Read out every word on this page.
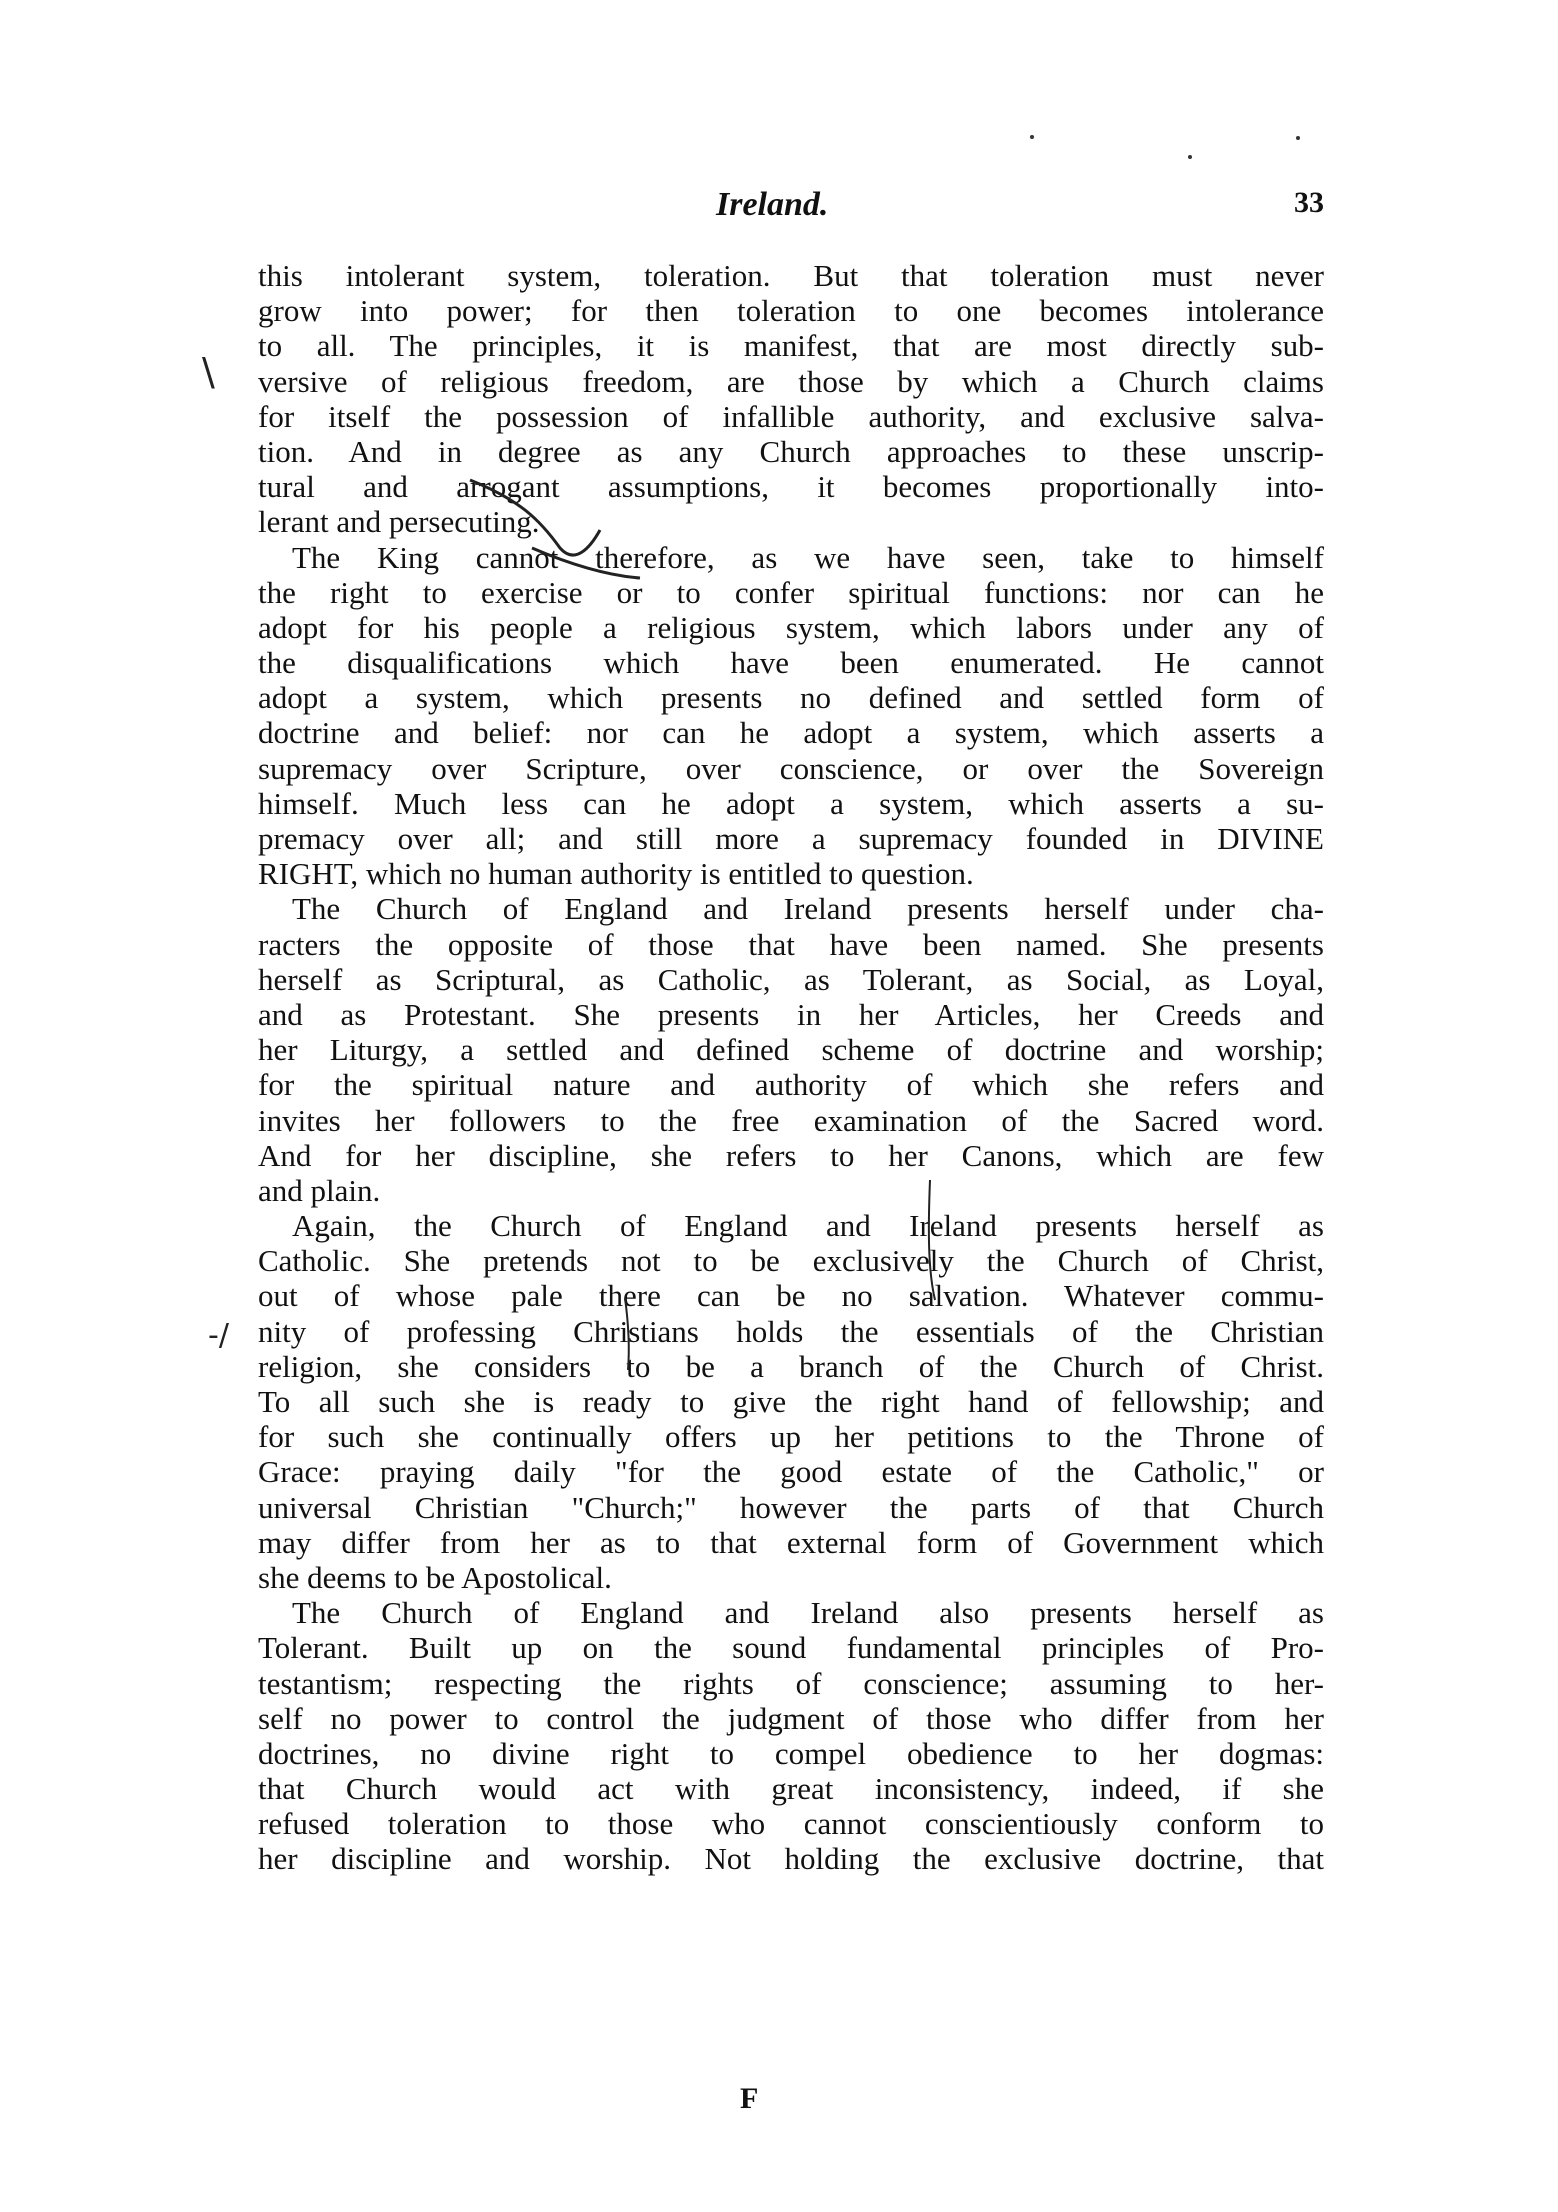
Ireland.	33
\
-/
this intolerant system, toleration. But that toleration must never
grow into power; for then toleration to one becomes intolerance
to all. The principles, it is manifest, that are most directly sub-
versive of religious freedom, are those by which a Church claims
for itself the possession of infallible authority, and exclusive salva-
tion. And in degree as any Church approaches to these unscrip-
tural and arrogant assumptions, it becomes proportionally into-
lerant and persecuting.
The King cannot therefore, as we have seen, take to himself
the right to exercise or to confer spiritual functions: nor can he
adopt for his people a religious system, which labors under any of
the disqualifications which have been enumerated. He cannot
adopt a system, which presents no defined and settled form of
doctrine and belief: nor can he adopt a system, which asserts a
supremacy over Scripture, over conscience, or over the Sovereign
himself. Much less can he adopt a system, which asserts a su-
premacy over all; and still more a supremacy founded in DIVINE
RIGHT, which no human authority is entitled to question.
The Church of England and Ireland presents herself under cha-
racters the opposite of those that have been named. She presents
herself as Scriptural, as Catholic, as Tolerant, as Social, as Loyal,
and as Protestant. She presents in her Articles, her Creeds and
her Liturgy, a settled and defined scheme of doctrine and worship;
for the spiritual nature and authority of which she refers and
invites her followers to the free examination of the Sacred word.
And for her discipline, she refers to her Canons, which are few
and plain.
Again, the Church of England and Ireland presents herself as
Catholic. She pretends not to be exclusively the Church of Christ,
out of whose pale there can be no salvation. Whatever commu-
nity of professing Christians holds the essentials of the Christian
religion, she considers to be a branch of the Church of Christ.
To all such she is ready to give the right hand of fellowship; and
for such she continually offers up her petitions to the Throne of
Grace: praying daily "for the good estate of the Catholic," or
universal Christian "Church;" however the parts of that Church
may differ from her as to that external form of Government which
she deems to be Apostolical.
The Church of England and Ireland also presents herself as
Tolerant. Built up on the sound fundamental principles of Pro-
testantism; respecting the rights of conscience; assuming to her-
self no power to control the judgment of those who differ from her
doctrines, no divine right to compel obedience to her dogmas:
that Church would act with great inconsistency, indeed, if she
refused toleration to those who cannot conscientiously conform to
her discipline and worship. Not holding the exclusive doctrine, that
F
